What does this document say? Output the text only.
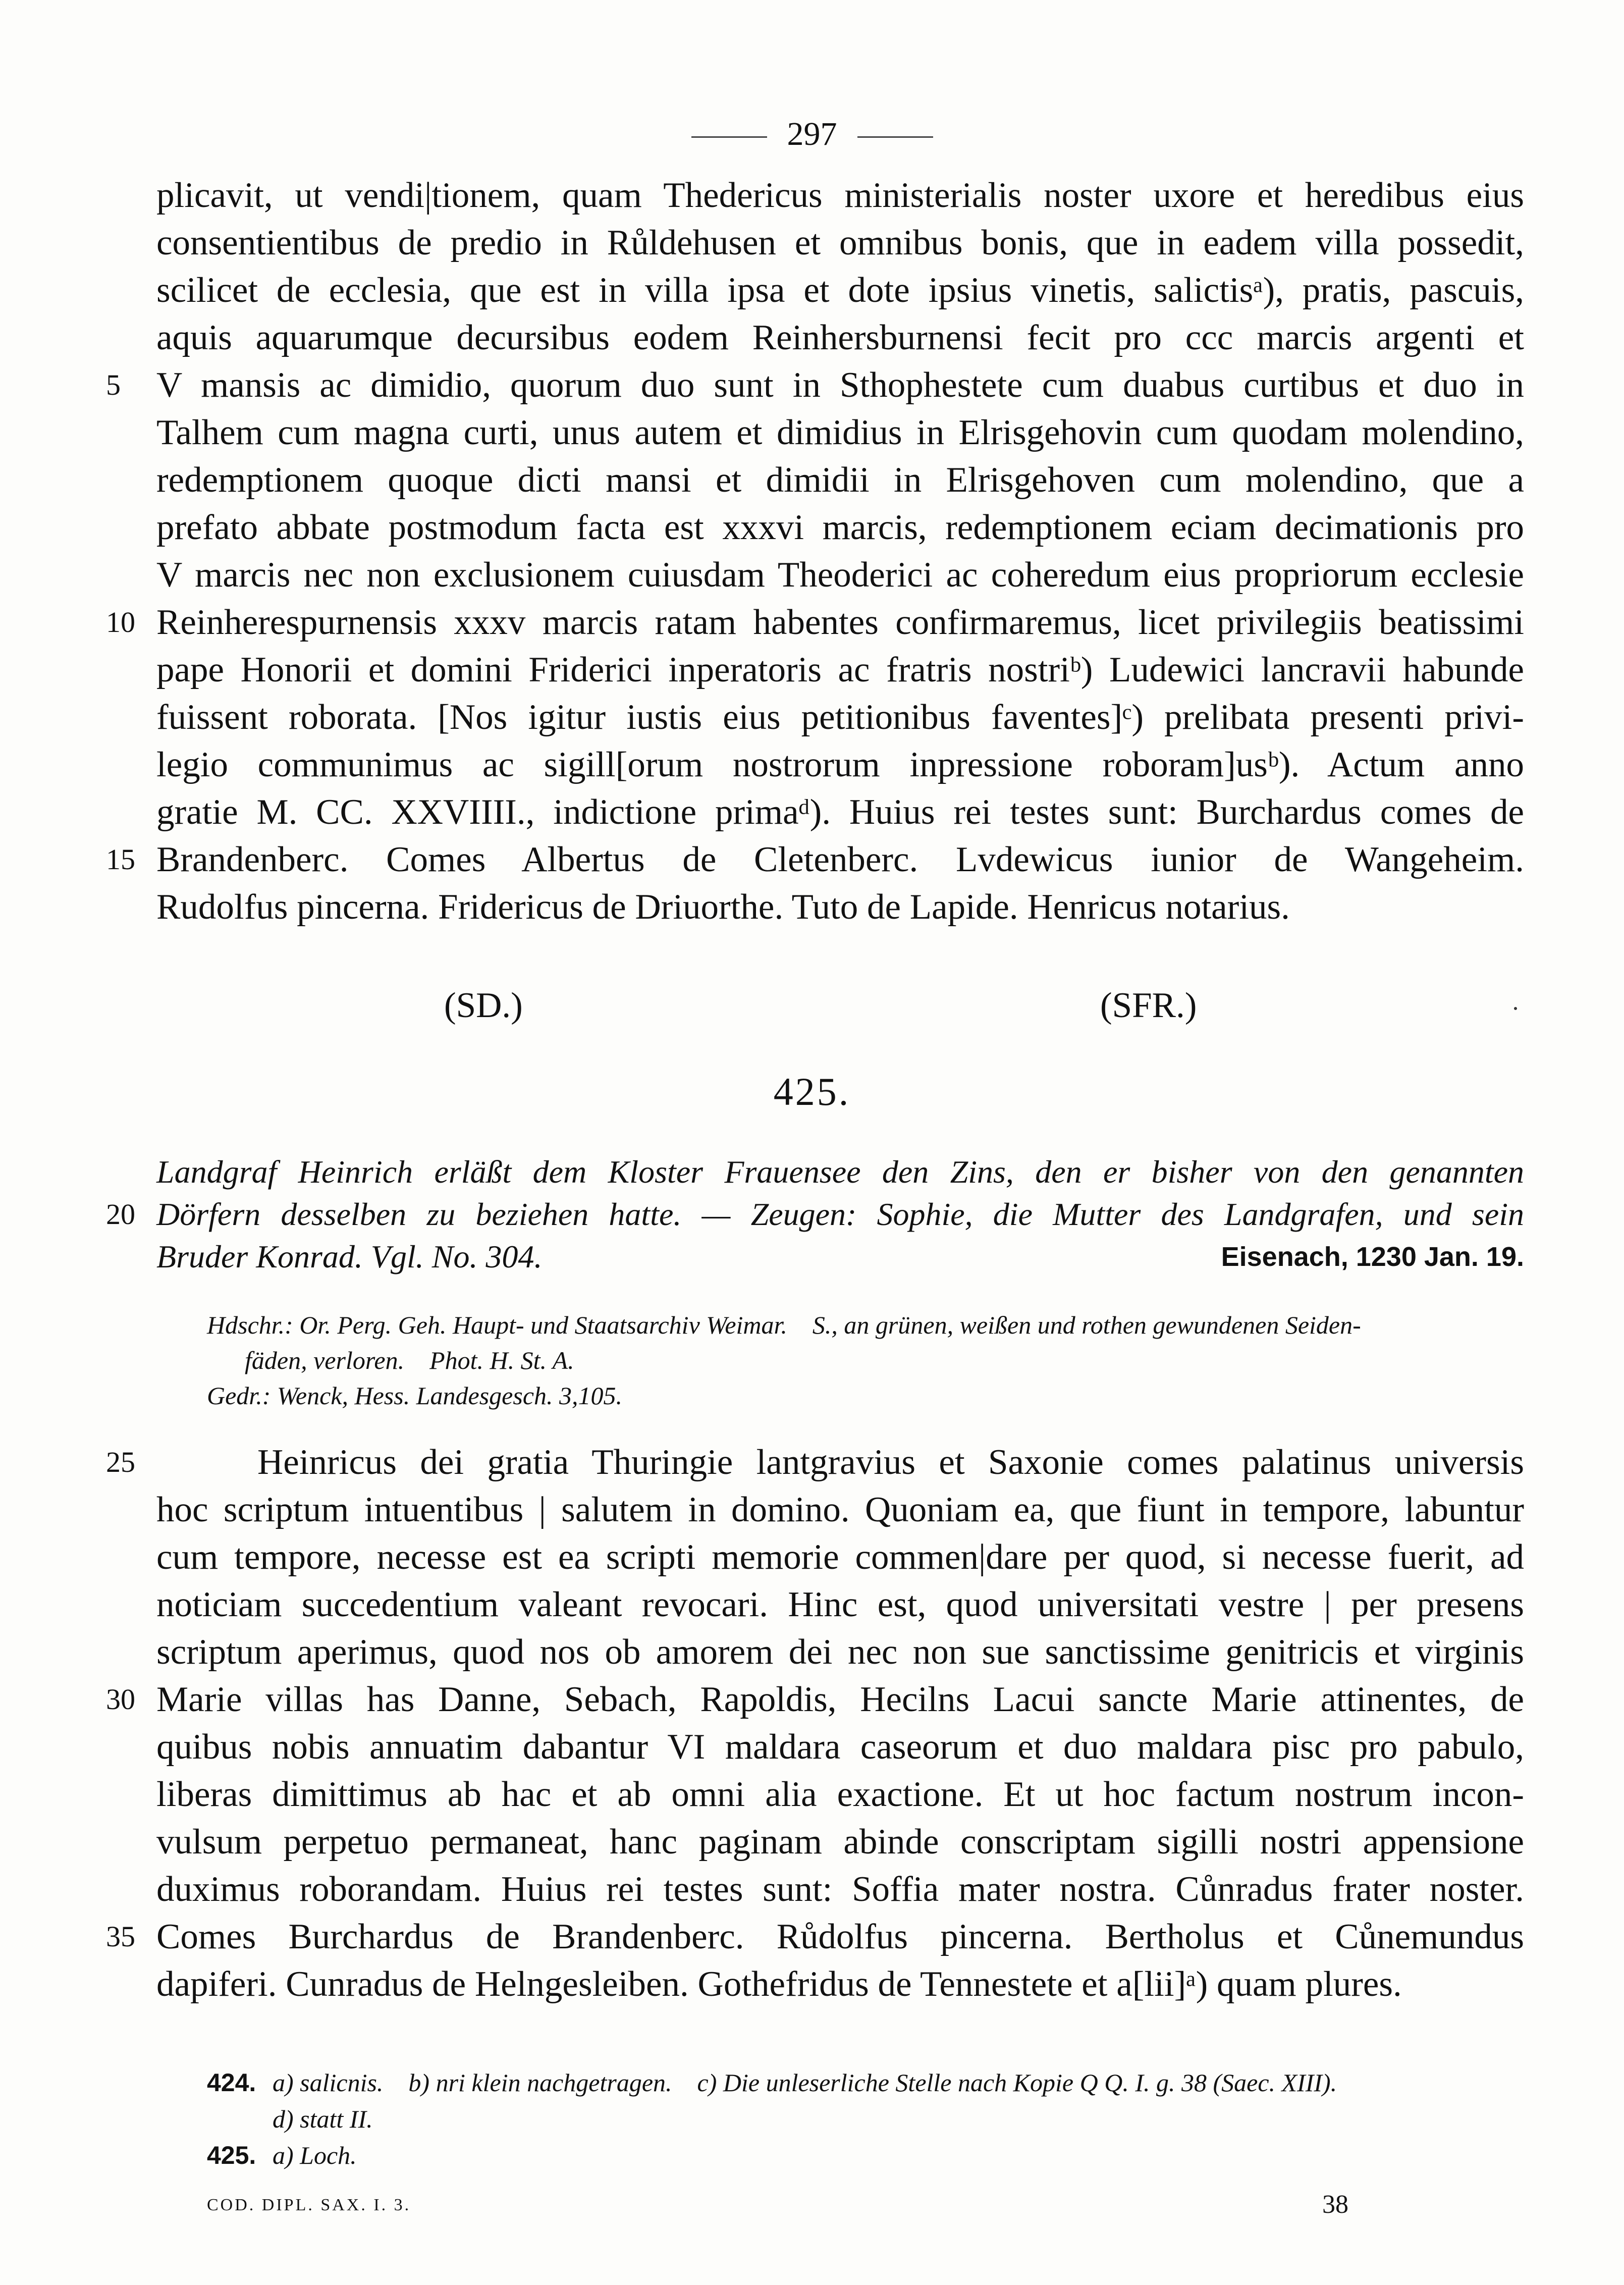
297
plicavit, ut vendi|tionem, quam Thedericus ministerialis noster uxore et heredibus eius
consentientibus de predio in Růldehusen et omnibus bonis, que in eadem villa possedit,
scilicet de ecclesia, que est in villa ipsa et dote ipsius vinetis, salictisᵃ), pratis, pascuis,
aquis aquarumque decursibus eodem Reinhersburnensi fecit pro ccc marcis argenti et
V mansis ac dimidio, quorum duo sunt in Sthophestete cum duabus curtibus et duo in
5
Talhem cum magna curti, unus autem et dimidius in Elrisgehovin cum quodam molendino,
redemptionem quoque dicti mansi et dimidii in Elrisgehoven cum molendino, que a
prefato abbate postmodum facta est xxxvi marcis, redemptionem eciam decimationis pro
V marcis nec non exclusionem cuiusdam Theoderici ac coheredum eius propriorum ecclesie
Reinherespurnensis xxxv marcis ratam habentes confirmaremus, licet privilegiis beatissimi
10
pape Honorii et domini Friderici inperatoris ac fratris nostriᵇ) Ludewici lancravii habunde
fuissent roborata. [Nos igitur iustis eius petitionibus faventes]ᶜ) prelibata presenti privi-
legio communimus ac sigill[orum nostrorum inpressione roboram]usᵇ). Actum anno
gratie M. CC. XXVIIII., indictione primaᵈ). Huius rei testes sunt: Burchardus comes de
Brandenberc. Comes Albertus de Cletenberc. Lvdewicus iunior de Wangeheim.
15
Rudolfus pincerna. Fridericus de Driuorthe. Tuto de Lapide. Henricus notarius.
(SD.)	(SFR.)
425.
Landgraf Heinrich erläßt dem Kloster Frauensee den Zins, den er bisher von den genannten
Dörfern desselben zu beziehen hatte. — Zeugen: Sophie, die Mutter des Landgrafen, und sein
20
Bruder Konrad. Vgl. No. 304.	Eisenach, 1230 Jan. 19.
Hdschr.: Or. Perg. Geh. Haupt- und Staatsarchiv Weimar.    S., an grünen, weißen und rothen gewundenen Seiden-
fäden, verloren.    Phot. H. St. A.
Gedr.: Wenck, Hess. Landesgesch. 3,105.
Heinricus dei gratia Thuringie lantgravius et Saxonie comes palatinus universis
25
hoc scriptum intuentibus | salutem in domino. Quoniam ea, que fiunt in tempore, labuntur
cum tempore, necesse est ea scripti memorie commen|dare per quod, si necesse fuerit, ad
noticiam succedentium valeant revocari. Hinc est, quod universitati vestre | per presens
scriptum aperimus, quod nos ob amorem dei nec non sue sanctissime genitricis et virginis
Marie villas has Danne, Sebach, Rapoldis, Hecilns Lacui sancte Marie attinentes, de
30
quibus nobis annuatim dabantur VI maldara caseorum et duo maldara pisc pro pabulo,
liberas dimittimus ab hac et ab omni alia exactione. Et ut hoc factum nostrum incon-
vulsum perpetuo permaneat, hanc paginam abinde conscriptam sigilli nostri appensione
duximus roborandam. Huius rei testes sunt: Soffia mater nostra. Cůnradus frater noster.
Comes Burchardus de Brandenberc. Růdolfus pincerna. Bertholus et Cůnemundus
35
dapiferi. Cunradus de Helngesleiben. Gothefridus de Tennestete et a[lii]ᵃ) quam plures.
424. a) salicnis.    b) nri klein nachgetragen.    c) Die unleserliche Stelle nach Kopie Q Q. I. g. 38 (Saec. XIII).
d) statt II.
425. a) Loch.
COD. DIPL. SAX. I. 3.	38
